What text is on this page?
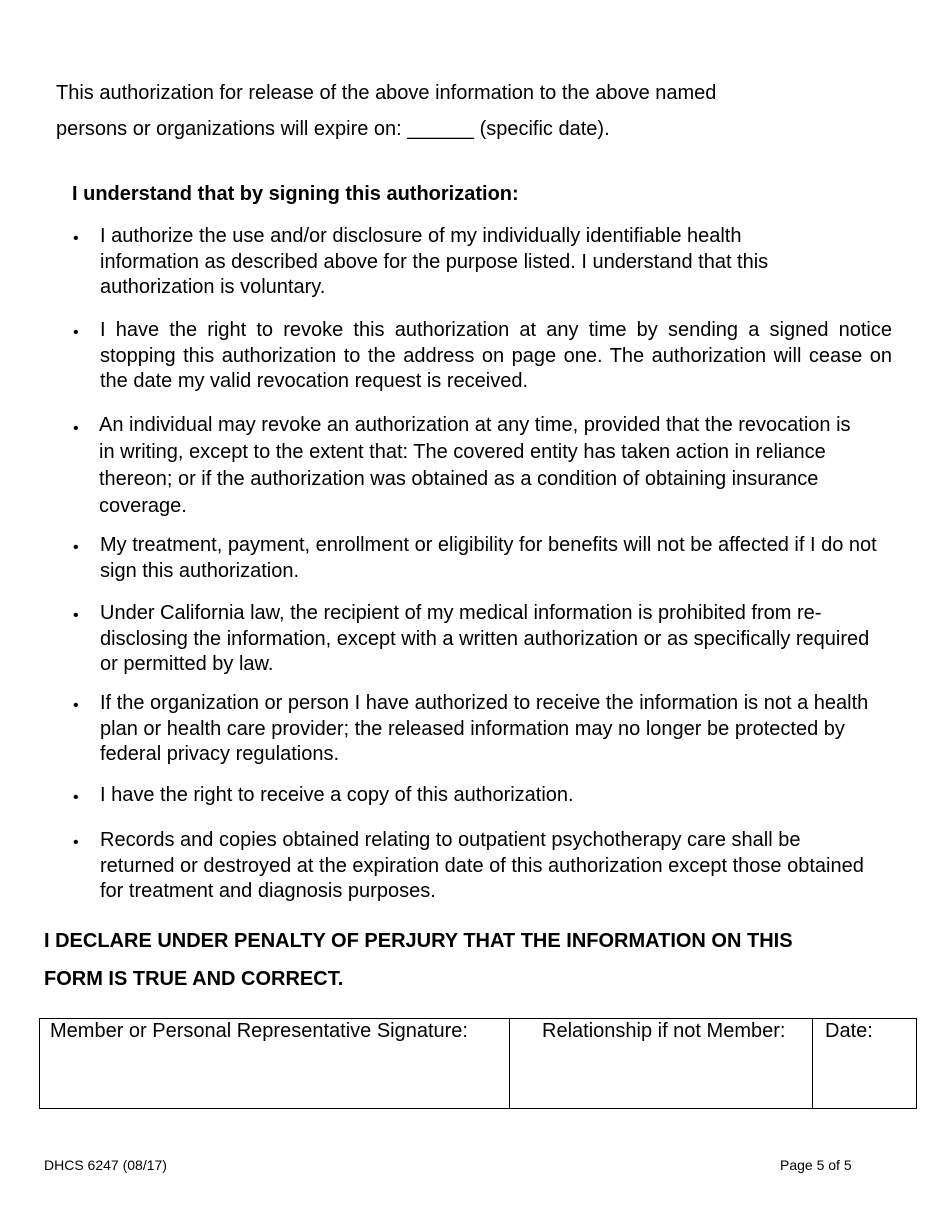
This authorization for release of the above information to the above named
persons or organizations will expire on: ______ (specific date).
I understand that by signing this authorization:
• I authorize the use and/or disclosure of my individually identifiable health information as described above for the purpose listed. I understand that this authorization is voluntary.
• I have the right to revoke this authorization at any time by sending a signed notice stopping this authorization to the address on page one. The authorization will cease on the date my valid revocation request is received.
• An individual may revoke an authorization at any time, provided that the revocation is in writing, except to the extent that: The covered entity has taken action in reliance thereon; or if the authorization was obtained as a condition of obtaining insurance coverage.
• My treatment, payment, enrollment or eligibility for benefits will not be affected if I do not sign this authorization.
• Under California law, the recipient of my medical information is prohibited from re-disclosing the information, except with a written authorization or as specifically required or permitted by law.
• If the organization or person I have authorized to receive the information is not a health plan or health care provider; the released information may no longer be protected by federal privacy regulations.
• I have the right to receive a copy of this authorization.
• Records and copies obtained relating to outpatient psychotherapy care shall be returned or destroyed at the expiration date of this authorization except those obtained for treatment and diagnosis purposes.
I DECLARE UNDER PENALTY OF PERJURY THAT THE INFORMATION ON THIS
FORM IS TRUE AND CORRECT.
Member or Personal Representative Signature:	Relationship if not Member:	Date:
DHCS 6247 (08/17)	Page 5 of 5
